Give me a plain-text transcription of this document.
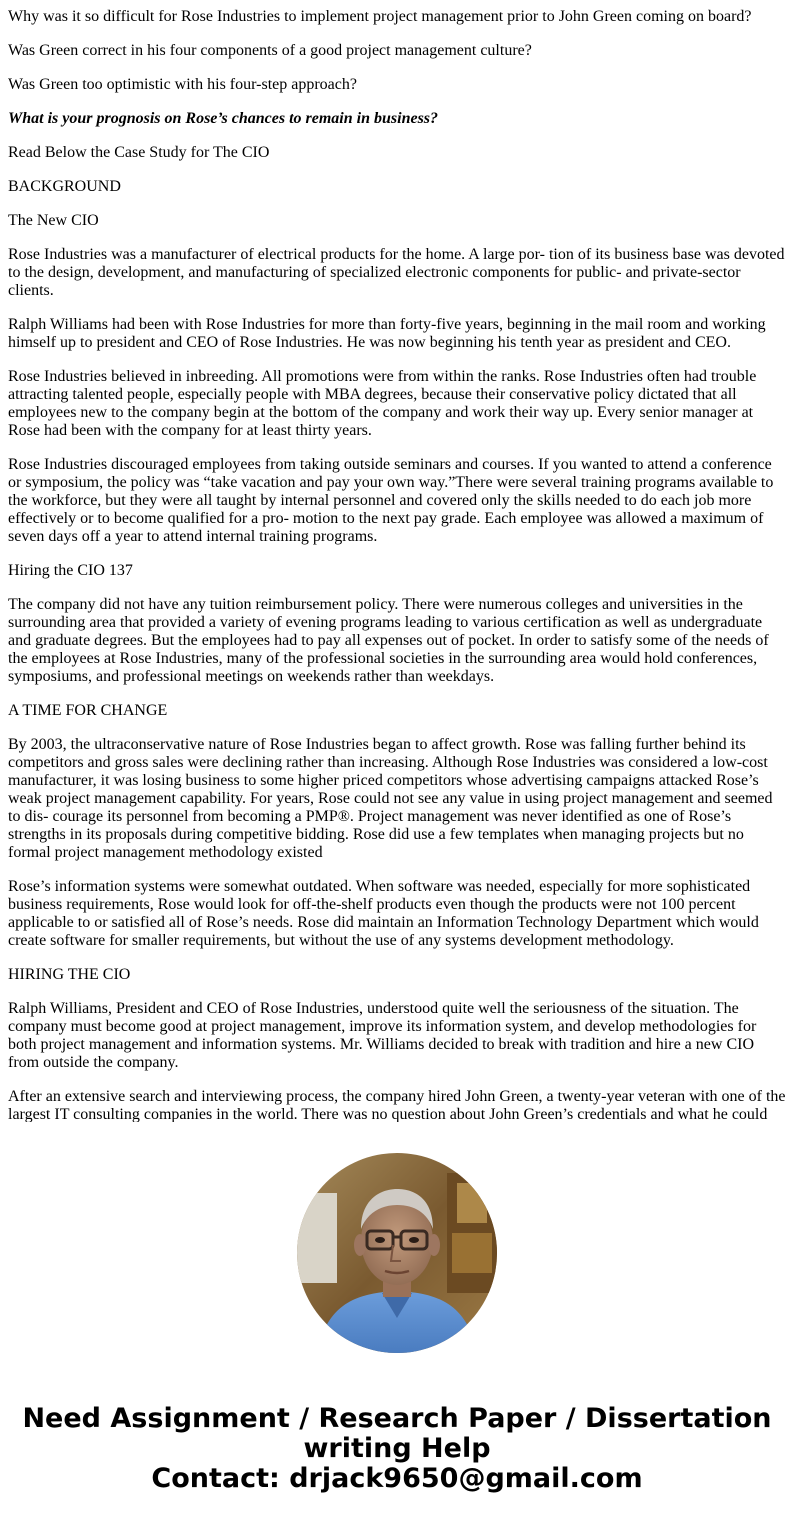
Why was it so difficult for Rose Industries to implement project management prior to John Green coming on board?

Was Green correct in his four components of a good project management culture?

Was Green too optimistic with his four-step approach?

What is your prognosis on Rose’s chances to remain in business?

Read Below the Case Study for The CIO

BACKGROUND

The New CIO

Rose Industries was a manufacturer of electrical products for the home. A large por- tion of its business base was devoted to the design, development, and manufacturing of specialized electronic components for public- and private-sector clients.

Ralph Williams had been with Rose Industries for more than forty-five years, beginning in the mail room and working himself up to president and CEO of Rose Industries. He was now beginning his tenth year as president and CEO.

Rose Industries believed in inbreeding. All promotions were from within the ranks. Rose Industries often had trouble attracting talented people, especially people with MBA degrees, because their conservative policy dictated that all employees new to the company begin at the bottom of the company and work their way up. Every senior manager at Rose had been with the company for at least thirty years.

Rose Industries discouraged employees from taking outside seminars and courses. If you wanted to attend a conference or symposium, the policy was “take vacation and pay your own way.”There were several training programs available to the workforce, but they were all taught by internal personnel and covered only the skills needed to do each job more effectively or to become qualified for a pro- motion to the next pay grade. Each employee was allowed a maximum of seven days off a year to attend internal training programs.

Hiring the CIO 137

The company did not have any tuition reimbursement policy. There were numerous colleges and universities in the surrounding area that provided a variety of evening programs leading to various certification as well as undergraduate and graduate degrees. But the employees had to pay all expenses out of pocket. In order to satisfy some of the needs of the employees at Rose Industries, many of the professional societies in the surrounding area would hold conferences, symposiums, and professional meetings on weekends rather than weekdays.

A TIME FOR CHANGE

By 2003, the ultraconservative nature of Rose Industries began to affect growth. Rose was falling further behind its competitors and gross sales were declining rather than increasing. Although Rose Industries was considered a low-cost manufacturer, it was losing business to some higher priced competitors whose advertising campaigns attacked Rose’s weak project management capability. For years, Rose could not see any value in using project management and seemed to dis- courage its personnel from becoming a PMP®. Project management was never identified as one of Rose’s strengths in its proposals during competitive bidding. Rose did use a few templates when managing projects but no formal project management methodology existed

Rose’s information systems were somewhat outdated. When software was needed, especially for more sophisticated business requirements, Rose would look for off-the-shelf products even though the products were not 100 percent applicable to or satisfied all of Rose’s needs. Rose did maintain an Information Technology Department which would create software for smaller requirements, but without the use of any systems development methodology.

HIRING THE CIO

Ralph Williams, President and CEO of Rose Industries, understood quite well the seriousness of the situation. The company must become good at project management, improve its information system, and develop methodologies for both project management and information systems. Mr. Williams decided to break with tradition and hire a new CIO from outside the company.

After an extensive search and interviewing process, the company hired John Green, a twenty-year veteran with one of the largest IT consulting companies in the world. There was no question about John Green’s credentials and what he could

Need Assignment / Research Paper / Dissertation
writing Help
Contact: drjack9650@gmail.com
